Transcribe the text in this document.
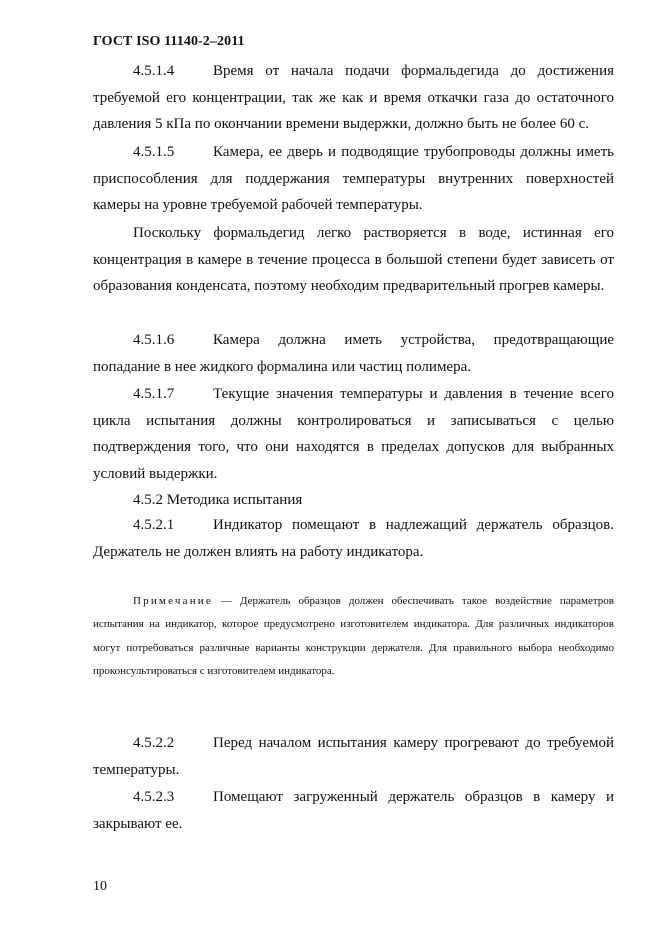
ГОСТ ISO 11140-2–2011

4.5.1.4	Время от начала подачи формальдегида до достижения требуемой его концентрации, так же как и время откачки газа до остаточного давления 5 кПа по окончании времени выдержки, должно быть не более 60 с.

4.5.1.5	Камера, ее дверь и подводящие трубопроводы должны иметь приспособления для поддержания температуры внутренних поверхностей камеры на уровне требуемой рабочей температуры.

Поскольку формальдегид легко растворяется в воде, истинная его концентрация в камере в течение процесса в большой степени будет зависеть от образования конденсата, поэтому необходим предварительный прогрев камеры.

4.5.1.6	Камера должна иметь устройства, предотвращающие попадание в нее жидкого формалина или частиц полимера.

4.5.1.7	Текущие значения температуры и давления в течение всего цикла испытания должны контролироваться и записываться с целью подтверждения того, что они находятся в пределах допусков для выбранных условий выдержки.

4.5.2 Методика испытания

4.5.2.1	Индикатор помещают в надлежащий держатель образцов. Держатель не должен влиять на работу индикатора.

Примечание — Держатель образцов должен обеспечивать такое воздействие параметров испытания на индикатор, которое предусмотрено изготовителем индикатора. Для различных индикаторов могут потребоваться различные варианты конструкции держателя. Для правильного выбора необходимо проконсультироваться с изготовителем индикатора.

4.5.2.2	Перед началом испытания камеру прогревают до требуемой температуры.

4.5.2.3	Помещают загруженный держатель образцов в камеру и закрывают ее.

10
